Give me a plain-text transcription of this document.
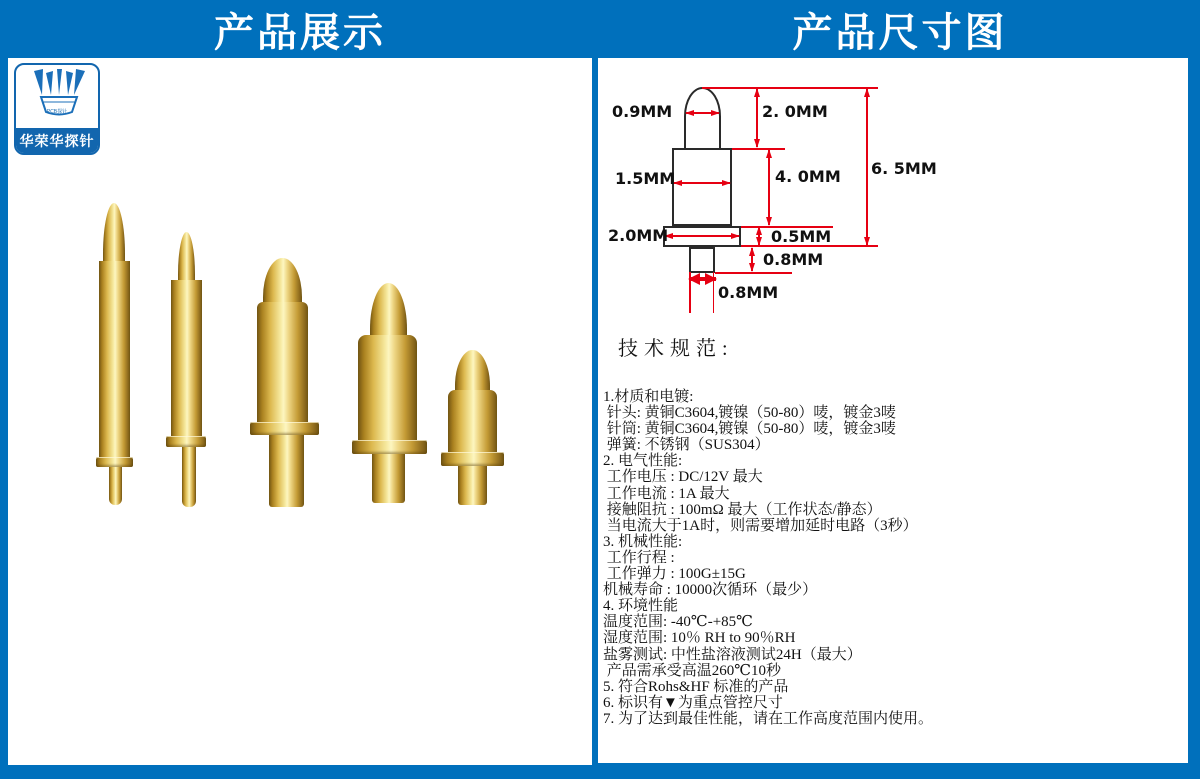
产品展示	产品尺寸图
PCB探针
华荣华探针
0.9MM	2. 0MM
1.5MM	4. 0MM 6. 5MM
2.0MM	0.5MM
0.8MM
0.8MM
技术规范:
1.材质和电镀:
针头: 黄铜C3604,镀镍（50-80）唛，镀金3唛
针筒: 黄铜C3604,镀镍（50-80）唛，镀金3唛
弹簧: 不锈钢（SUS304）
2. 电气性能:
工作电压 : DC/12V 最大
工作电流 : 1A 最大
接触阻抗 : 100mΩ 最大（工作状态/静态）
当电流大于1A时，则需要增加延时电路（3秒）
3. 机械性能:
工作行程 :
工作弹力 : 100G±15G
机械寿命 : 10000次循环（最少）
4. 环境性能
温度范围: -40℃-+85℃
湿度范围: 10％ RH to 90％RH
盐雾测试: 中性盐溶液测试24H（最大）
产品需承受高温260℃10秒
5. 符合Rohs&HF 标准的产品
6. 标识有▼为重点管控尺寸
7. 为了达到最佳性能，请在工作高度范围内使用。
